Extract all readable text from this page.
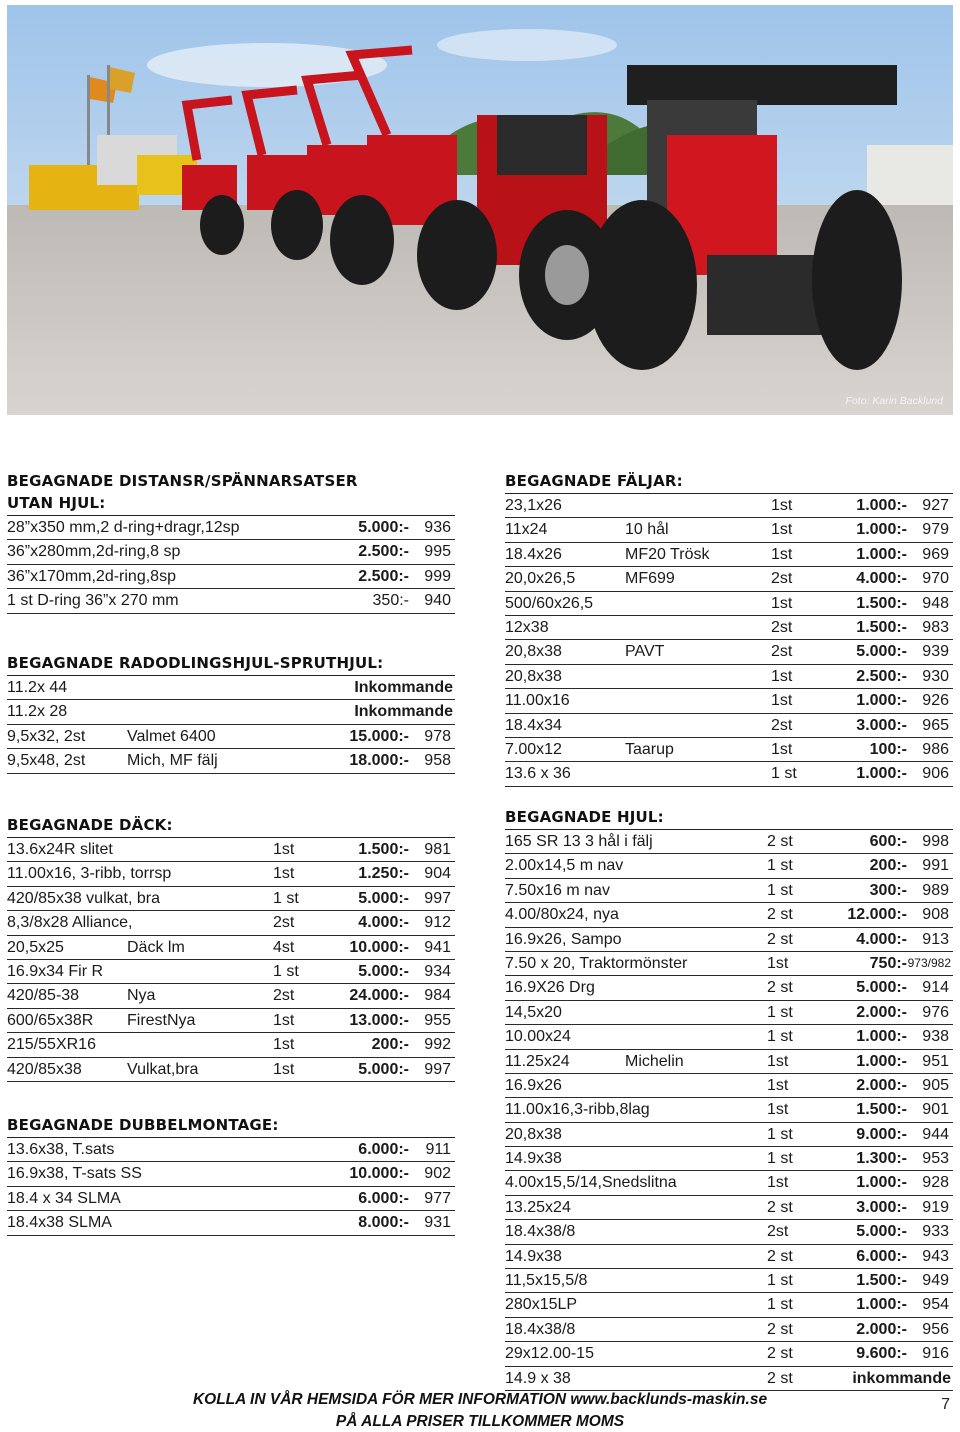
Foto: Karin Backlund
BEGAGNADE DISTANSR/SPÄNNARSATSER
UTAN HJUL:
28”x350 mm,2 d-ring+dragr,12sp	5.000:- 936
36”x280mm,2d-ring,8 sp	2.500:- 995
36”x170mm,2d-ring,8sp	2.500:- 999
1 st D-ring 36”x 270 mm	350:- 940
BEGAGNADE RADODLINGSHJUL-SPRUTHJUL:
11.2x 44	Inkommande
11.2x 28	Inkommande
9,5x32, 2st	Valmet 6400	15.000:- 978
9,5x48, 2st	Mich, MF fälj	18.000:- 958
BEGAGNADE FÄLJAR:
23,1x26	1st	1.000:- 927
11x24	10 hål	1st	1.000:- 979
18.4x26	MF20 Trösk	1st	1.000:- 969
20,0x26,5	MF699	2st	4.000:- 970
500/60x26,5	1st	1.500:- 948
12x38	2st	1.500:- 983
20,8x38	PAVT	2st	5.000:- 939
20,8x38	1st	2.500:- 930
11.00x16	1st	1.000:- 926
18.4x34	2st	3.000:- 965
7.00x12	Taarup	1st	100:- 986
13.6 x 36	1 st	1.000:- 906
BEGAGNADE DÄCK:
13.6x24R slitet	1st	1.500:- 981
11.00x16, 3-ribb, torrsp	1st	1.250:- 904
420/85x38 vulkat, bra	1 st	5.000:- 997
8,3/8x28 Alliance,	2st	4.000:- 912
20,5x25	Däck lm	4st	10.000:- 941
16.9x34 Fir R	1 st	5.000:- 934
420/85-38	Nya	2st	24.000:- 984
600/65x38R FirestNya	1st	13.000:- 955
215/55XR16	1st	200:- 992
420/85x38	Vulkat,bra	1st	5.000:- 997
BEGAGNADE DUBBELMONTAGE:
13.6x38, T.sats	6.000:- 911
16.9x38, T-sats SS	10.000:- 902
18.4 x 34 SLMA	6.000:- 977
18.4x38 SLMA	8.000:- 931
BEGAGNADE HJUL:
165 SR 13 3 hål i fälj	2 st	600:- 998
2.00x14,5 m nav	1 st	200:- 991
7.50x16 m nav	1 st	300:- 989
4.00/80x24, nya	2 st	12.000:- 908
16.9x26, Sampo	2 st	4.000:- 913
7.50 x 20, Traktormönster	1st	750:- 973/982
16.9X26 Drg	2 st	5.000:- 914
14,5x20	1 st	2.000:- 976
10.00x24	1 st	1.000:- 938
11.25x24	Michelin	1st	1.000:- 951
16.9x26	1st	2.000:- 905
11.00x16,3-ribb,8lag	1st	1.500:- 901
20,8x38	1 st	9.000:- 944
14.9x38	1 st	1.300:- 953
4.00x15,5/14,Snedslitna	1st	1.000:- 928
13.25x24	2 st	3.000:- 919
18.4x38/8	2st	5.000:- 933
14.9x38	2 st	6.000:- 943
11,5x15,5/8	1 st	1.500:- 949
280x15LP	1 st	1.000:- 954
18.4x38/8	2 st	2.000:- 956
29x12.00-15	2 st	9.600:- 916
14.9 x 38	2 st	inkommande
KOLLA IN VÅR HEMSIDA FÖR MER INFORMATION www.backlunds-maskin.se
PÅ ALLA PRISER TILLKOMMER MOMS
7
